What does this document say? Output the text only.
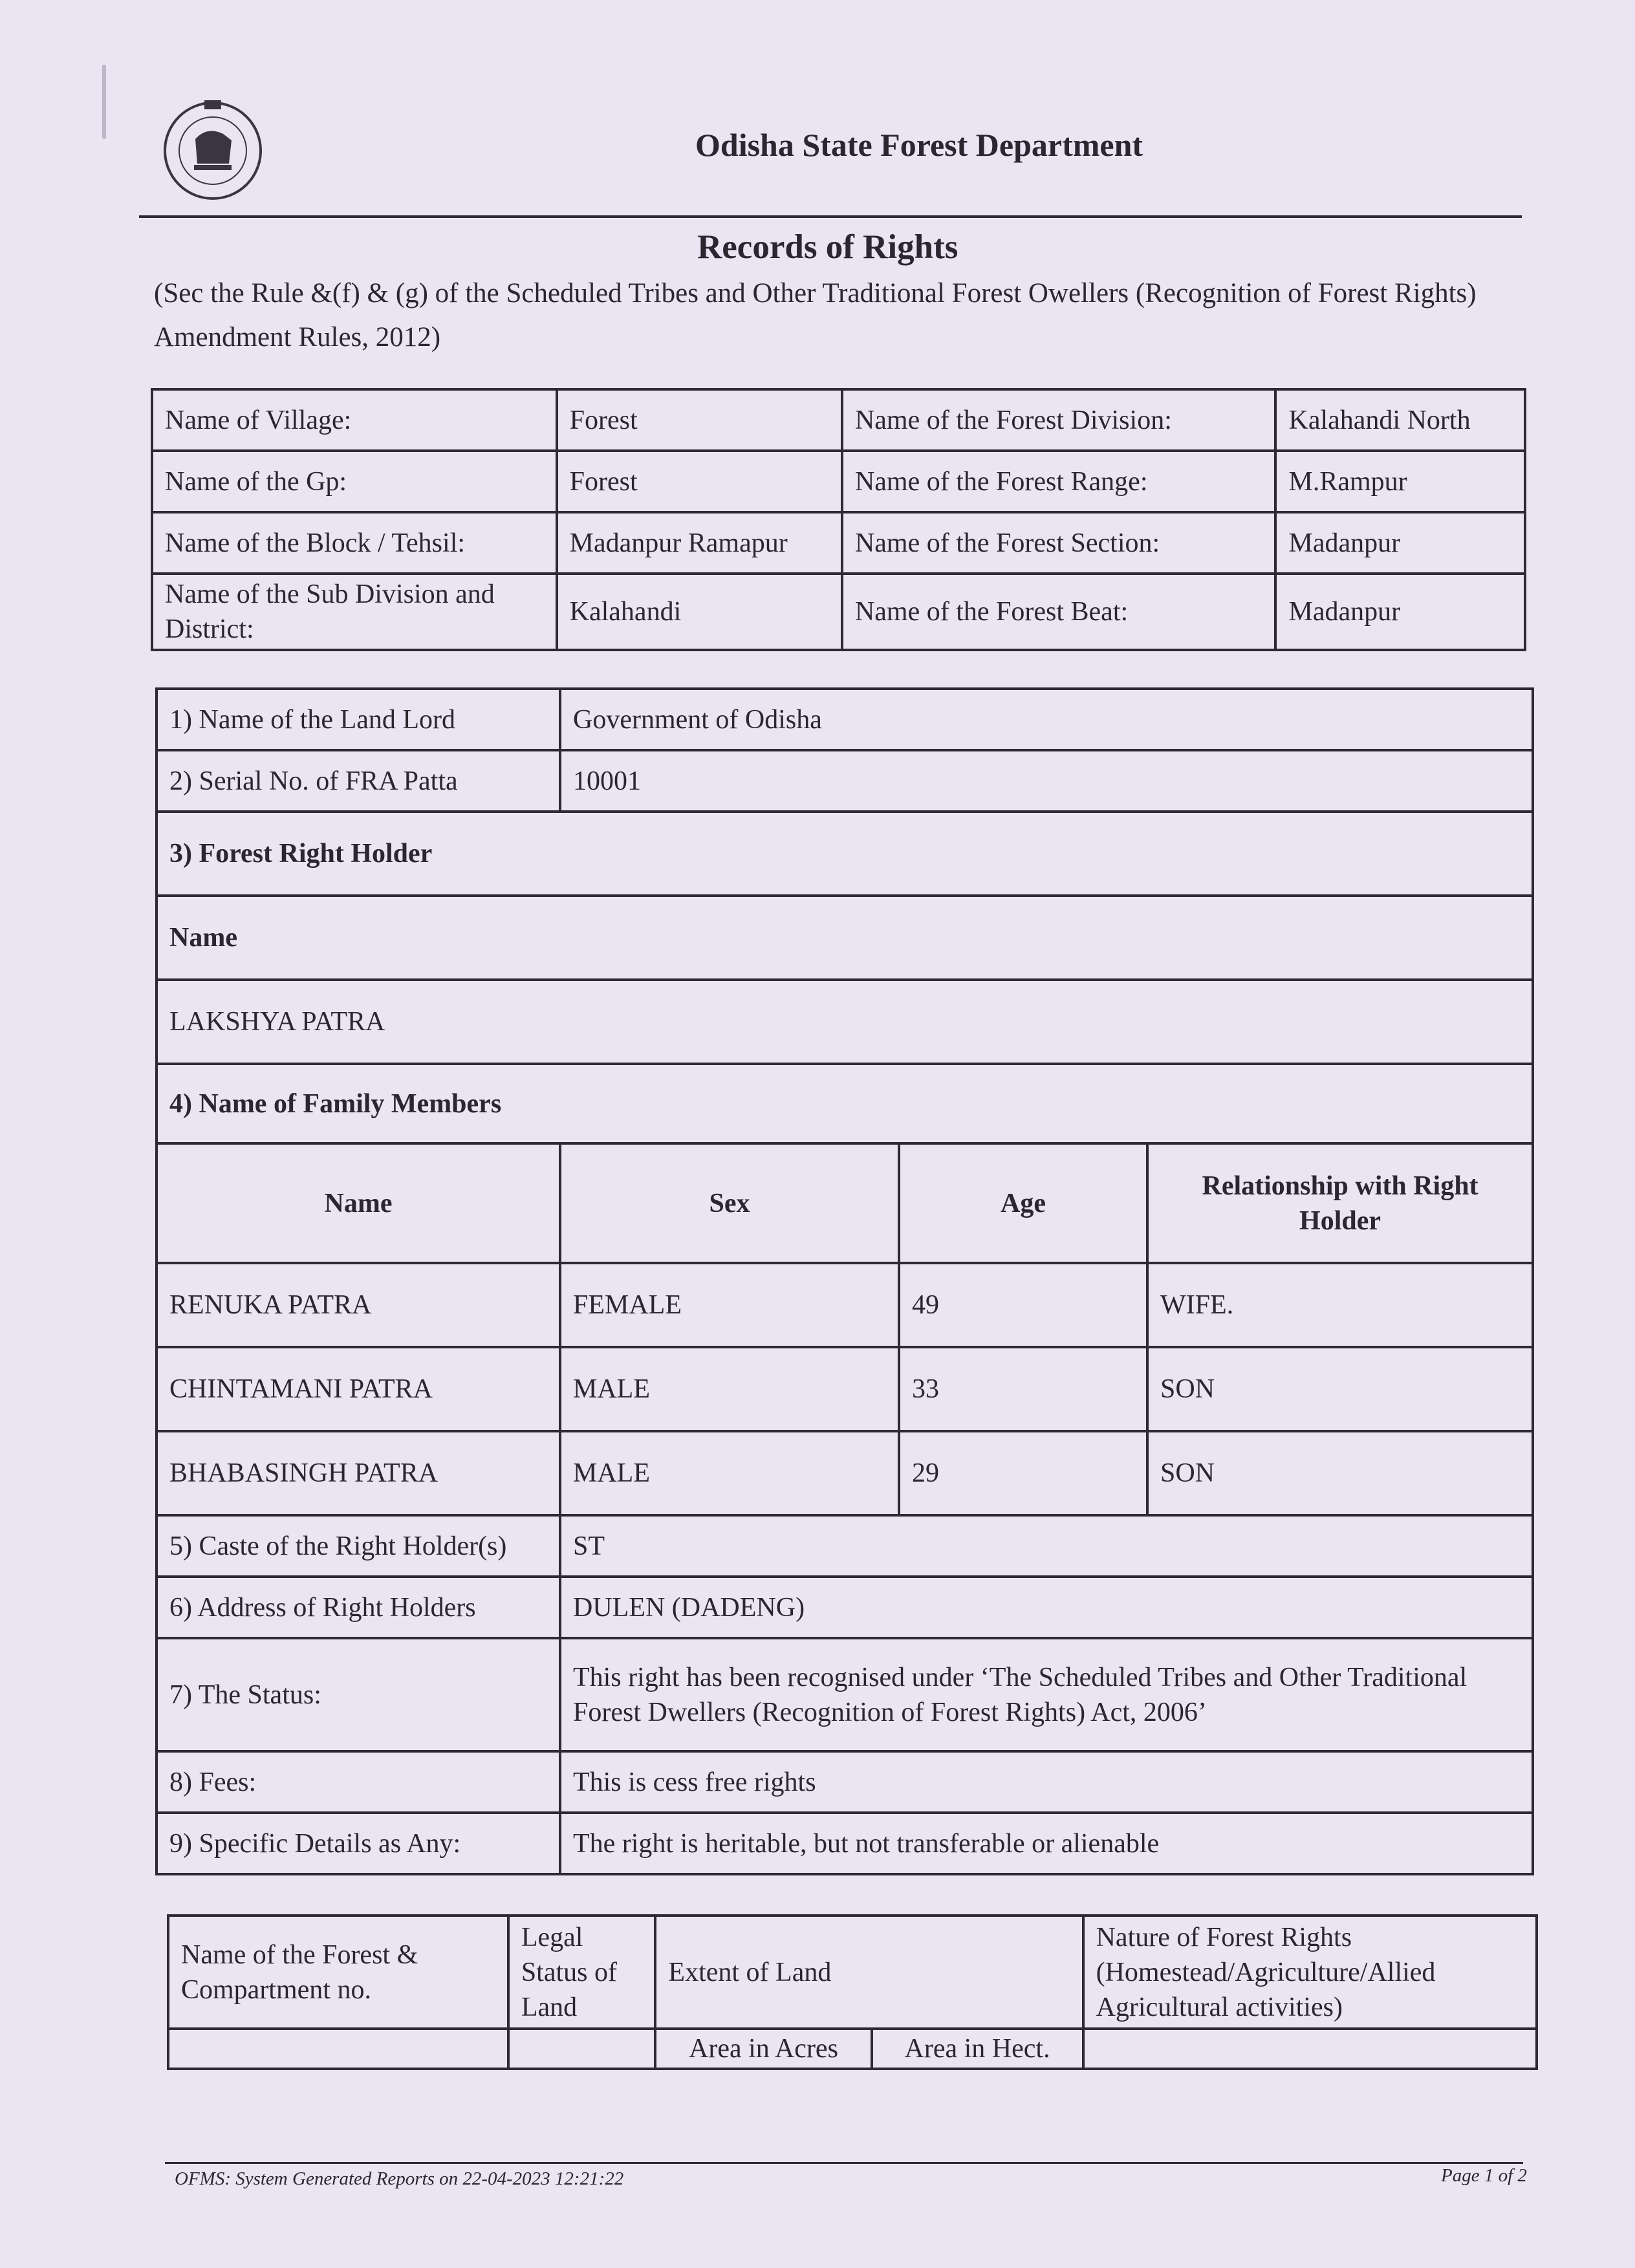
Odisha State Forest Department
Records of Rights
(Sec the Rule &(f) & (g) of the Scheduled Tribes and Other Traditional Forest Owellers (Recognition of Forest Rights) Amendment Rules, 2012)
Name of Village:	Forest	Name of the Forest Division:	Kalahandi North
Name of the Gp:	Forest	Name of the Forest Range:	M.Rampur
Name of the Block / Tehsil:	Madanpur Ramapur	Name of the Forest Section:	Madanpur
Name of the Sub Division and District:	Kalahandi	Name of the Forest Beat:	Madanpur
1) Name of the Land Lord	Government of Odisha		
2) Serial No. of FRA Patta	10001		
3) Forest Right Holder			
Name			
LAKSHYA PATRA			
4) Name of Family Members			
Name	Sex	Age	Relationship with Right Holder
RENUKA PATRA	FEMALE	49	WIFE.
CHINTAMANI PATRA	MALE	33	SON
BHABASINGH PATRA	MALE	29	SON
5) Caste of the Right Holder(s)	ST		
6) Address of Right Holders	DULEN (DADENG)		
7) The Status:	This right has been recognised under ‘The Scheduled Tribes and Other Traditional
Forest Dwellers (Recognition of Forest Rights) Act, 2006’		
8) Fees:	This is cess free rights		
9) Specific Details as Any:	The right is heritable, but not transferable or alienable		
Name of the Forest & Compartment no.	Legal Status of Land	Extent of Land		Nature of Forest Rights (Homestead/Agriculture/Allied Agricultural activities)
		Area in Acres	Area in Hect.	
OFMS: System Generated Reports on 22-04-2023 12:21:22	Page 1 of 2
